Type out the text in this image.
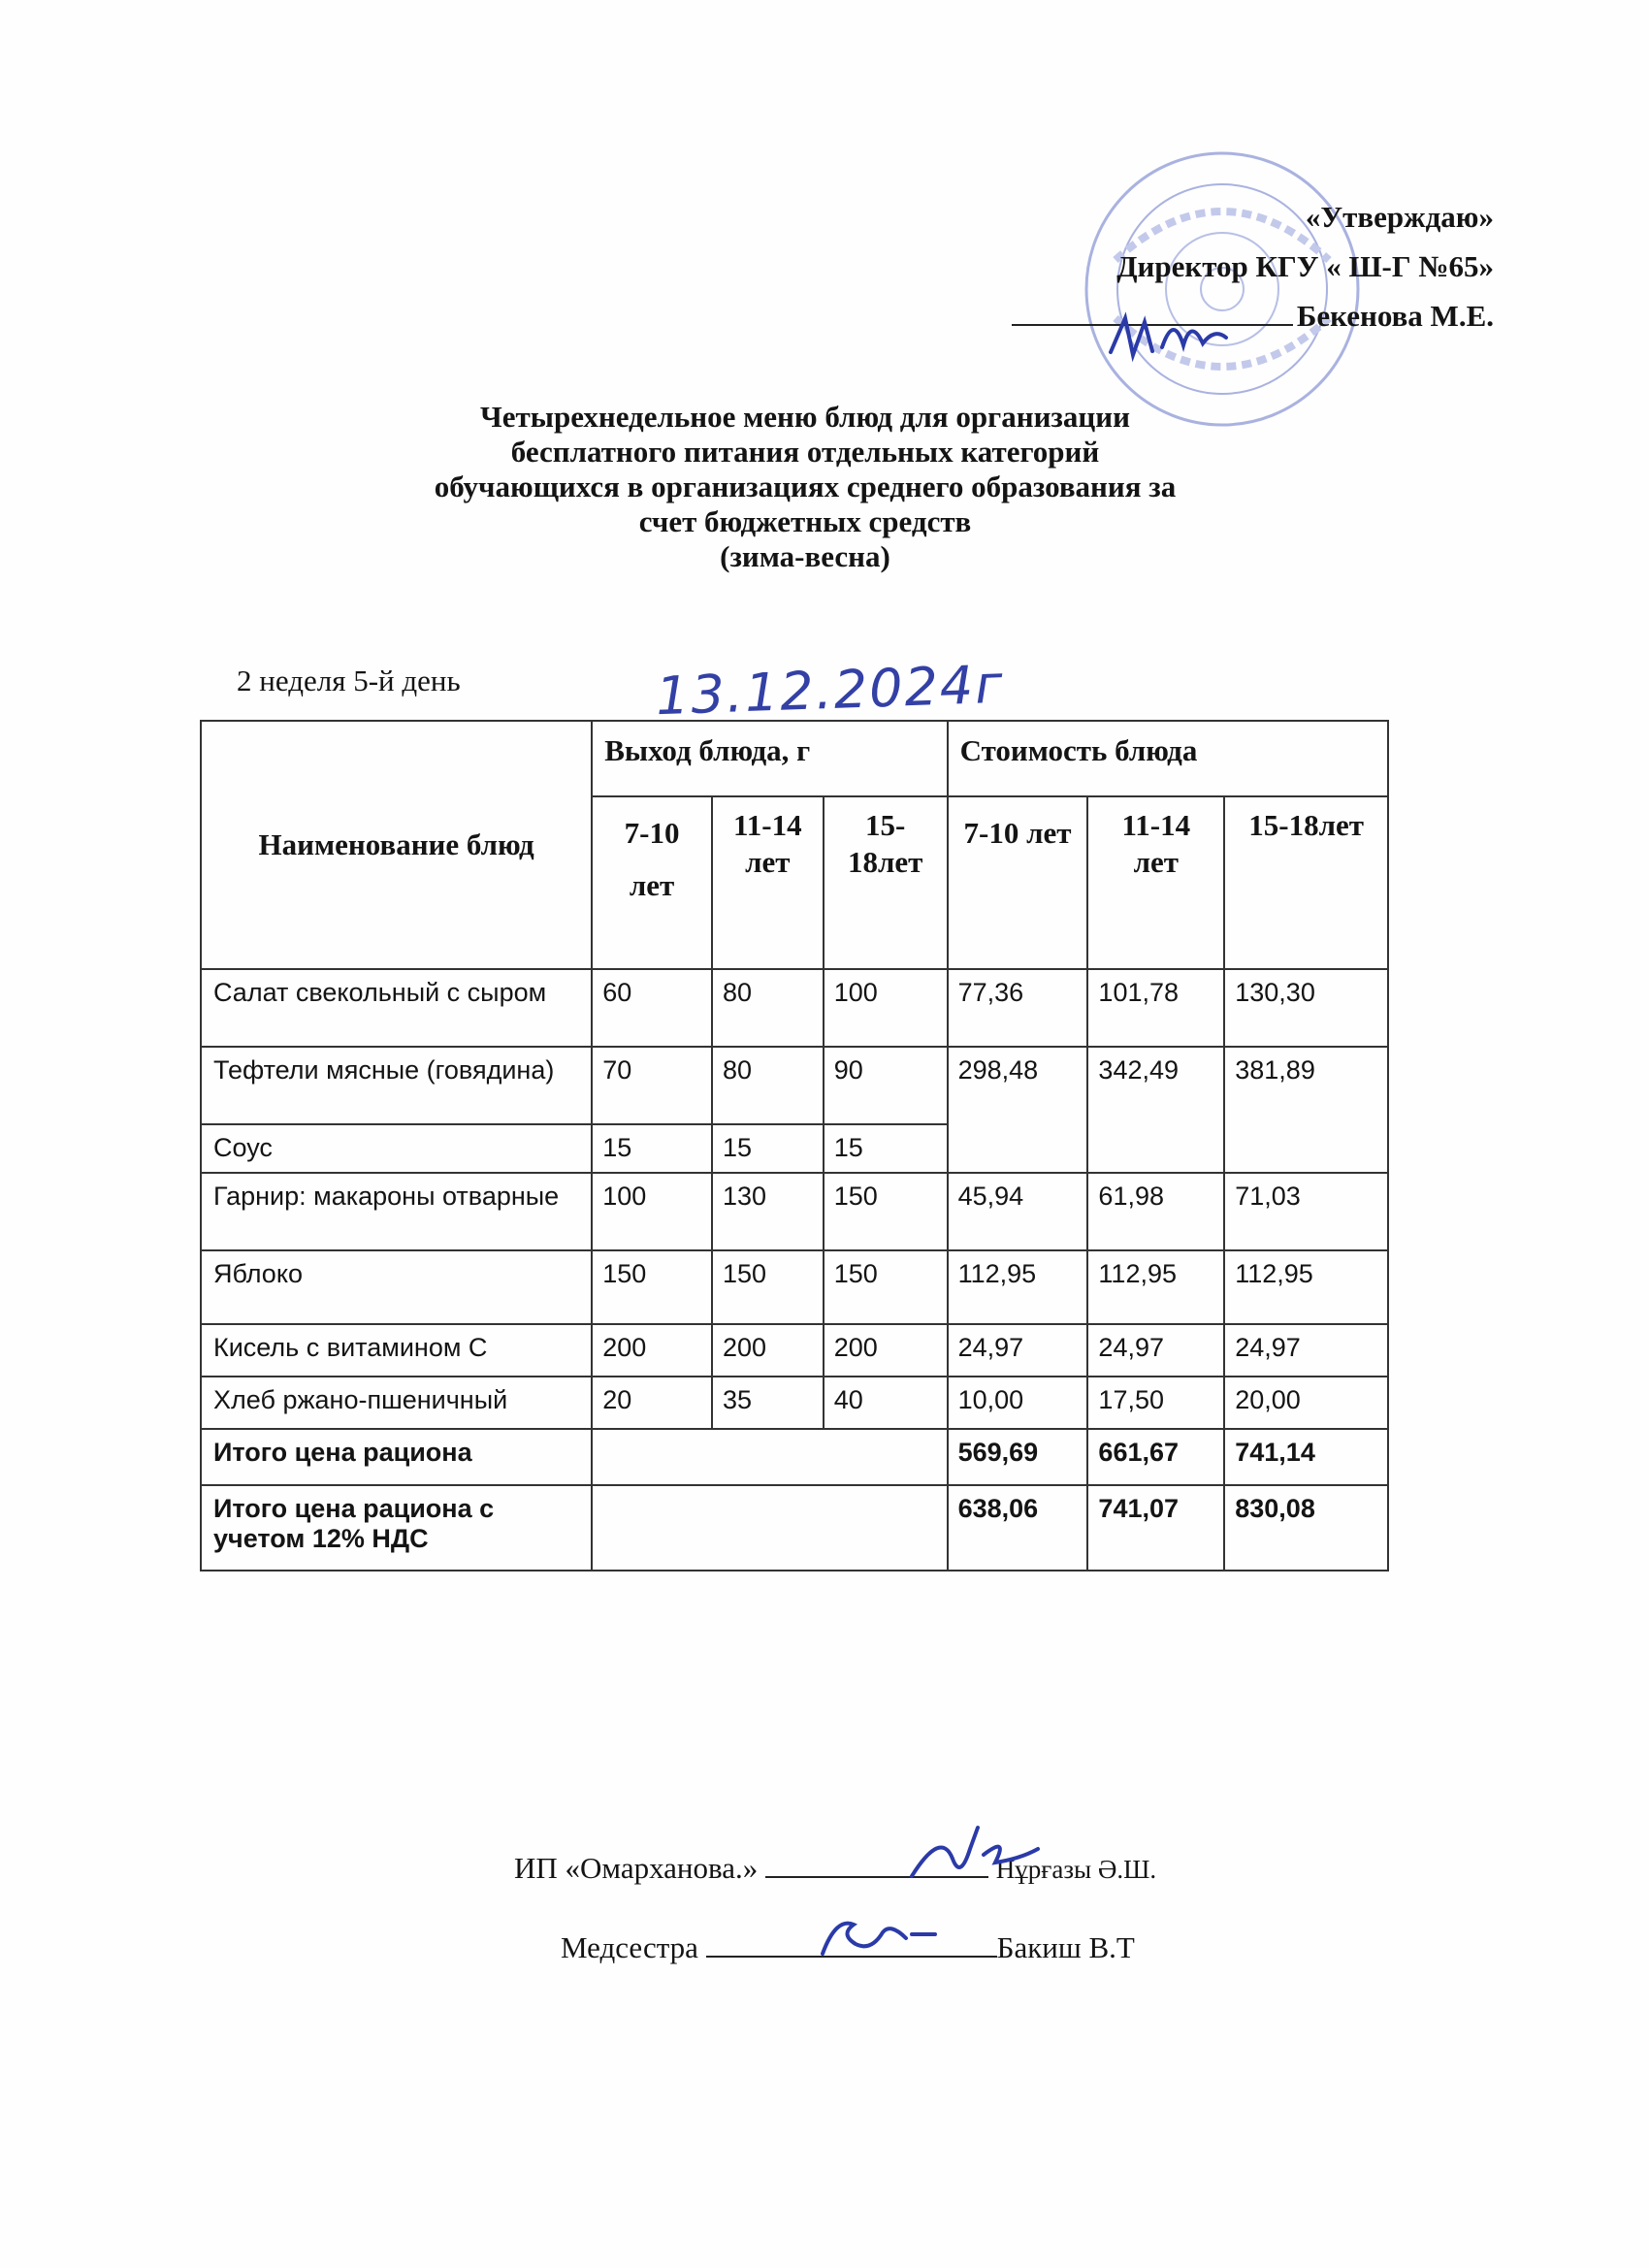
«Утверждаю»
Директор КГУ « Ш-Г №65»
Бекенова М.Е.
Четырехнедельное меню блюд для организации
бесплатного питания отдельных категорий
обучающихся в организациях среднего образования за
счет бюджетных средств
(зима-весна)
2 неделя 5-й день	13.12.2024г
Наименование блюд	Выход блюда, г			Стоимость блюда		
	7-10 лет	11-14 лет	15-18лет	7-10 лет	11-14 лет	15-18лет
Салат свекольный с сыром	60	80	100	77,36	101,78	130,30
Тефтели мясные (говядина)	70	80	90	298,48	342,49	381,89
Соус	15	15	15			
Гарнир: макароны отварные	100	130	150	45,94	61,98	71,03
Яблоко	150	150	150	112,95	112,95	112,95
Кисель с витамином С	200	200	200	24,97	24,97	24,97
Хлеб ржано-пшеничный	20	35	40	10,00	17,50	20,00
Итого цена рациона				569,69	661,67	741,14
Итого цена рациона с учетом 12% НДС				638,06	741,07	830,08
ИП «Омарханова.»	Нұрғазы Ә.Ш.
Медсестра	Бакиш В.Т
